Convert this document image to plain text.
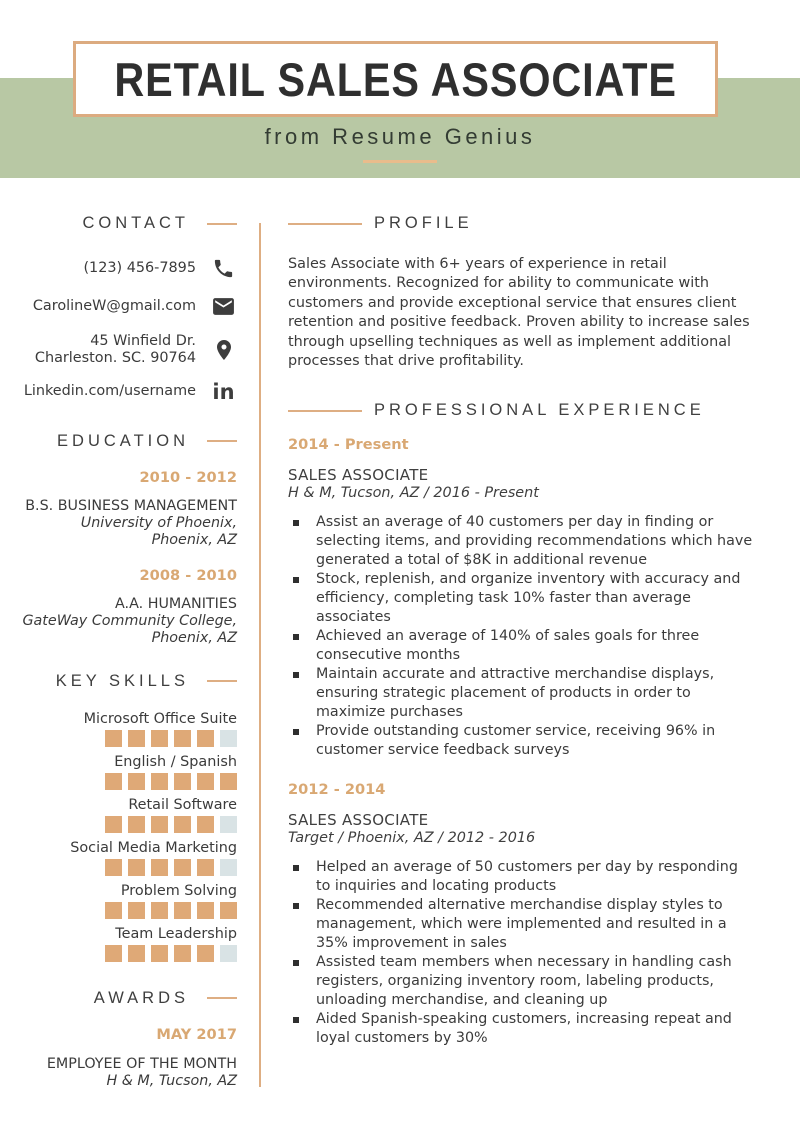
RETAIL SALES ASSOCIATE
from Resume Genius
CONTACT
(123) 456-7895
CarolineW@gmail.com
45 Winfield Dr.
Charleston. SC. 90764
Linkedin.com/username in
EDUCATION
2010 - 2012
B.S. BUSINESS MANAGEMENT
University of Phoenix,
Phoenix, AZ
2008 - 2010
A.A. HUMANITIES
GateWay Community College,
Phoenix, AZ
KEY SKILLS
Microsoft Office Suite
English / Spanish
Retail Software
Social Media Marketing
Problem Solving
Team Leadership
AWARDS
MAY 2017
EMPLOYEE OF THE MONTH
H & M, Tucson, AZ
PROFILE

Sales Associate with 6+ years of experience in retail environments. Recognized for ability to communicate with customers and provide exceptional service that ensures client retention and positive feedback. Proven ability to increase sales through upselling techniques as well as implement additional processes that drive profitability.

PROFESSIONAL EXPERIENCE
2014 - Present
SALES ASSOCIATE
H & M, Tucson, AZ / 2016 - Present
Assist an average of 40 customers per day in finding or selecting items, and providing recommendations which have generated a total of $8K in additional revenue
Stock, replenish, and organize inventory with accuracy and efficiency, completing task 10% faster than average associates
Achieved an average of 140% of sales goals for three consecutive months
Maintain accurate and attractive merchandise displays, ensuring strategic placement of products in order to maximize purchases
Provide outstanding customer service, receiving 96% in customer service feedback surveys
2012 - 2014
SALES ASSOCIATE
Target / Phoenix, AZ / 2012 - 2016
Helped an average of 50 customers per day by responding to inquiries and locating products
Recommended alternative merchandise display styles to management, which were implemented and resulted in a 35% improvement in sales
Assisted team members when necessary in handling cash registers, organizing inventory room, labeling products, unloading merchandise, and cleaning up
Aided Spanish-speaking customers, increasing repeat and loyal customers by 30%
